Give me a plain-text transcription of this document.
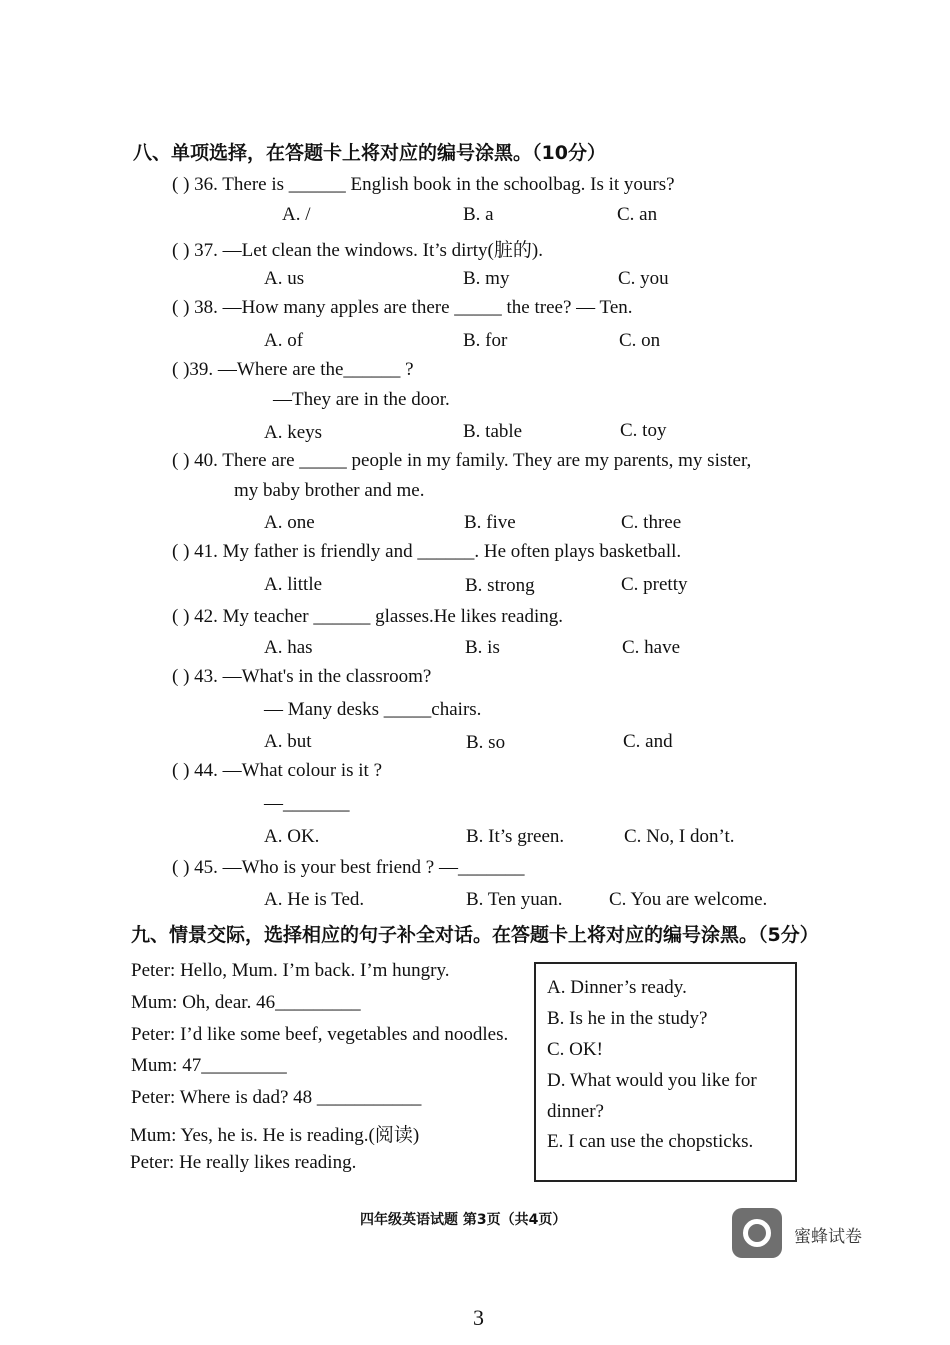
八、单项选择，在答题卡上将对应的编号涂黑。（10分）
( ) 36. There is ______ English book in the schoolbag. Is it yours?
A. /	B. a	C. an
( ) 37. —Let clean the windows. It’s dirty(脏的).
A. us	B. my	C. you
( ) 38. —How many apples are there _____ the tree? — Ten.
A. of	B. for	C. on
( )39. —Where are the______ ?
—They are in the door.
A. keys	B. table	C. toy
( ) 40. There are _____ people in my family. They are my parents, my sister,
my baby brother and me.
A. one	B. five	C. three
( ) 41. My father is friendly and ______. He often plays basketball.
A. little	B. strong	C. pretty
( ) 42. My teacher ______ glasses.He likes reading.
A. has	B. is	C. have
( ) 43. —What's in the classroom?
— Many desks _____chairs.
A. but	B. so	C. and
( ) 44. —What colour is it ?
—_______
A. OK.	B. It’s green.	C. No, I don’t.
( ) 45. —Who is your best friend ? —_______
A. He is Ted.	B. Ten yuan. C. You are welcome.
九、情景交际，选择相应的句子补全对话。在答题卡上将对应的编号涂黑。（5分）
Peter: Hello, Mum. I’m back. I’m hungry.
Mum: Oh, dear. 46_________
Peter: I’d like some beef, vegetables and noodles.
Mum: 47_________
Peter: Where is dad? 48 ___________
Mum: Yes, he is. He is reading.(阅读)
Peter: He really likes reading.
A. Dinner’s ready.
B. Is he in the study?
C. OK!
D. What would you like for
dinner?
E. I can use the chopsticks.
四年级英语试题 第3页（共4页）
蜜蜂试卷
3
